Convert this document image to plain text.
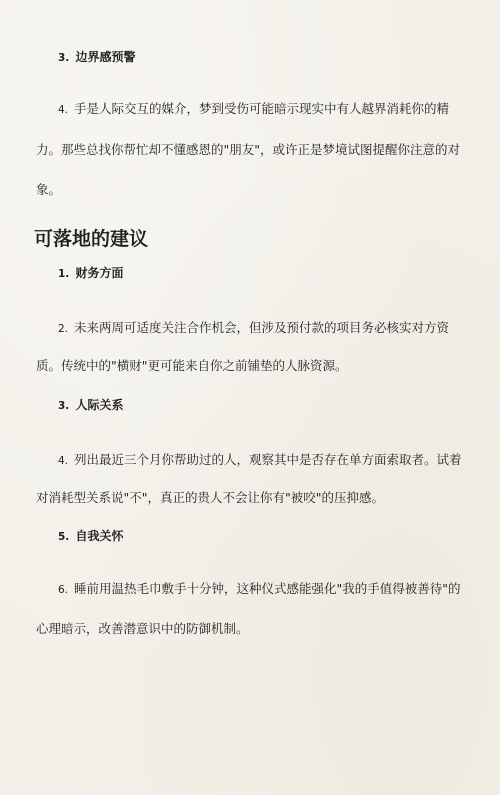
3. 边界感预警
4. 手是人际交互的媒介，梦到受伤可能暗示现实中有人越界消耗你的精
力。那些总找你帮忙却不懂感恩的"朋友"，或许正是梦境试图提醒你注意的对
象。
可落地的建议
1. 财务方面
2. 未来两周可适度关注合作机会，但涉及预付款的项目务必核实对方资
质。传统中的"横财"更可能来自你之前铺垫的人脉资源。
3. 人际关系
4. 列出最近三个月你帮助过的人，观察其中是否存在单方面索取者。试着
对消耗型关系说"不"，真正的贵人不会让你有"被咬"的压抑感。
5. 自我关怀
6. 睡前用温热毛巾敷手十分钟，这种仪式感能强化"我的手值得被善待"的
心理暗示，改善潜意识中的防御机制。
